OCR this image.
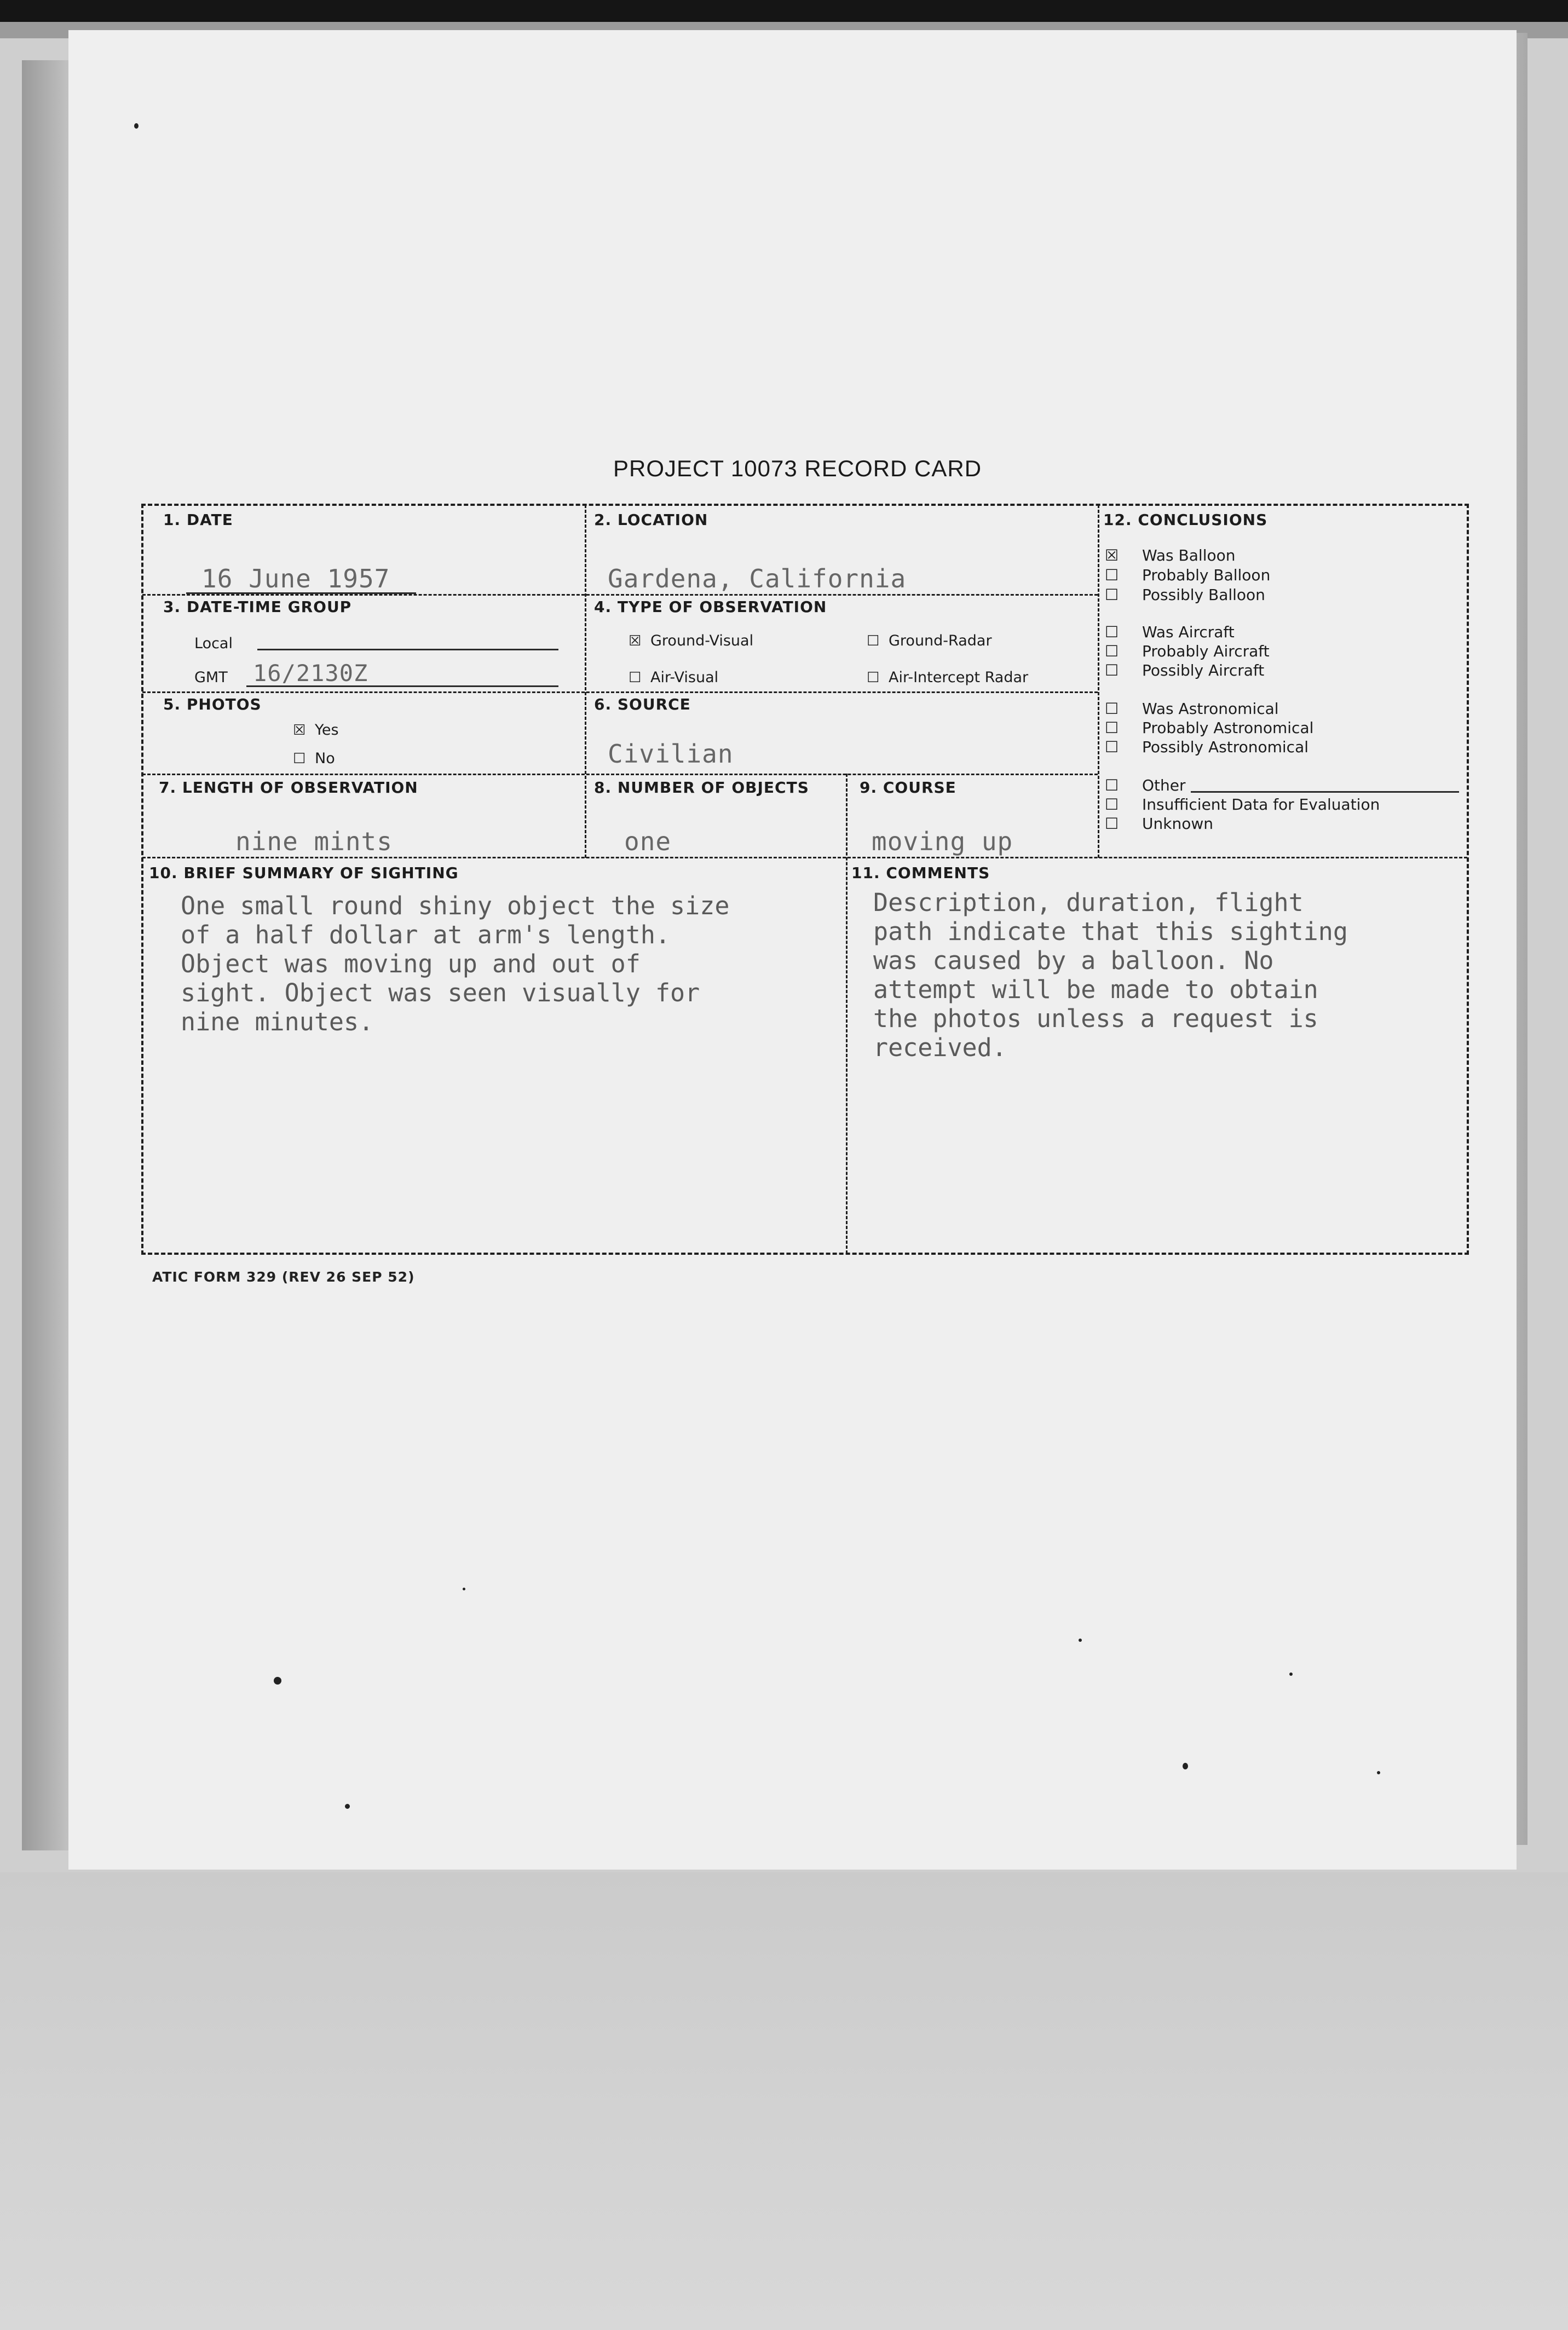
PROJECT 10073 RECORD CARD
1. DATE
16 June 1957
2. LOCATION
Gardena, California
3. DATE-TIME GROUP
Local
GMT 16/2130Z
4. TYPE OF OBSERVATION
☒ Ground-Visual	☐ Ground-Radar
☐ Air-Visual	☐ Air-Intercept Radar
5. PHOTOS
☒ Yes
☐ No
6. SOURCE
Civilian
7. LENGTH OF OBSERVATION
nine mints
8. NUMBER OF OBJECTS
one
9. COURSE
moving up
10. BRIEF SUMMARY OF SIGHTING
One small round shiny object the size
of a half dollar at arm's length.
Object was moving up and out of
sight. Object was seen visually for
nine minutes.
11. COMMENTS
Description, duration, flight
path indicate that this sighting
was caused by a balloon. No
attempt will be made to obtain
the photos unless a request is
received.
12. CONCLUSIONS
☒ Was Balloon
☐ Probably Balloon
☐ Possibly Balloon
☐ Was Aircraft
☐ Probably Aircraft
☐ Possibly Aircraft
☐ Was Astronomical
☐ Probably Astronomical
☐ Possibly Astronomical
☐ Other
☐ Insufficient Data for Evaluation
☐ Unknown
ATIC FORM 329 (REV 26 SEP 52)
